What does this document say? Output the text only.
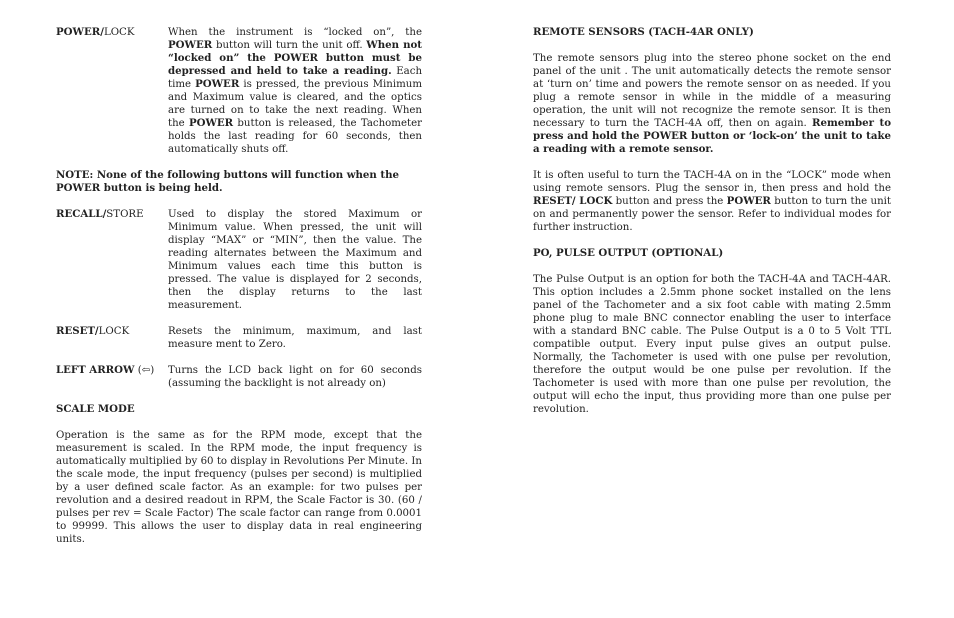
POWER/LOCK	When the instrument is “locked on”, the POWER button will turn the unit off. When not “locked on” the POWER button must be depressed and held to take a reading. Each time POWER is pressed, the previous Minimum and Maximum value is cleared, and the optics are turned on to take the next reading. When the POWER button is released, the Tachometer holds the last reading for 60 seconds, then automatically shuts off.

NOTE: None of the following buttons will function when the POWER button is being held.

RECALL/STORE	Used to display the stored Maximum or Minimum value. When pressed, the unit will display “MAX” or “MIN”, then the value. The reading alternates between the Maximum and Minimum values each time this button is pressed. The value is displayed for 2 seconds, then the display returns to the last measurement.
RESET/LOCK	Resets the minimum, maximum, and last measure ment to Zero.
LEFT ARROW (⇦)	Turns the LCD back light on for 60 seconds (assuming the backlight is not already on)

SCALE MODE

Operation is the same as for the RPM mode, except that the measurement is scaled. In the RPM mode, the input frequency is automatically multiplied by 60 to display in Revolutions Per Minute. In the scale mode, the input frequency (pulses per second) is multiplied by a user defined scale factor. As an example: for two pulses per revolution and a desired readout in RPM, the Scale Factor is 30. (60 / pulses per rev = Scale Factor) The scale factor can range from 0.0001 to 99999. This allows the user to display data in real engineering units.

REMOTE SENSORS (TACH-4AR ONLY)

The remote sensors plug into the stereo phone socket on the end panel of the unit . The unit automatically detects the remote sensor at ‘turn on’ time and powers the remote sensor on as needed. If you plug a remote sensor in while in the middle of a measuring operation, the unit will not recognize the remote sensor. It is then necessary to turn the TACH-4A off, then on again. Remember to press and hold the POWER button or ‘lock-on’ the unit to take a reading with a remote sensor.

It is often useful to turn the TACH-4A on in the “LOCK” mode when using remote sensors. Plug the sensor in, then press and hold the RESET/ LOCK button and press the POWER button to turn the unit on and permanently power the sensor. Refer to individual modes for further instruction.

PO, PULSE OUTPUT (OPTIONAL)

The Pulse Output is an option for both the TACH-4A and TACH-4AR. This option includes a 2.5mm phone socket installed on the lens panel of the Tachometer and a six foot cable with mating 2.5mm phone plug to male BNC connector enabling the user to interface with a standard BNC cable. The Pulse Output is a 0 to 5 Volt TTL compatible output. Every input pulse gives an output pulse. Normally, the Tachometer is used with one pulse per revolution, therefore the output would be one pulse per revolution. If the Tachometer is used with more than one pulse per revolution, the output will echo the input, thus providing more than one pulse per revolution.
